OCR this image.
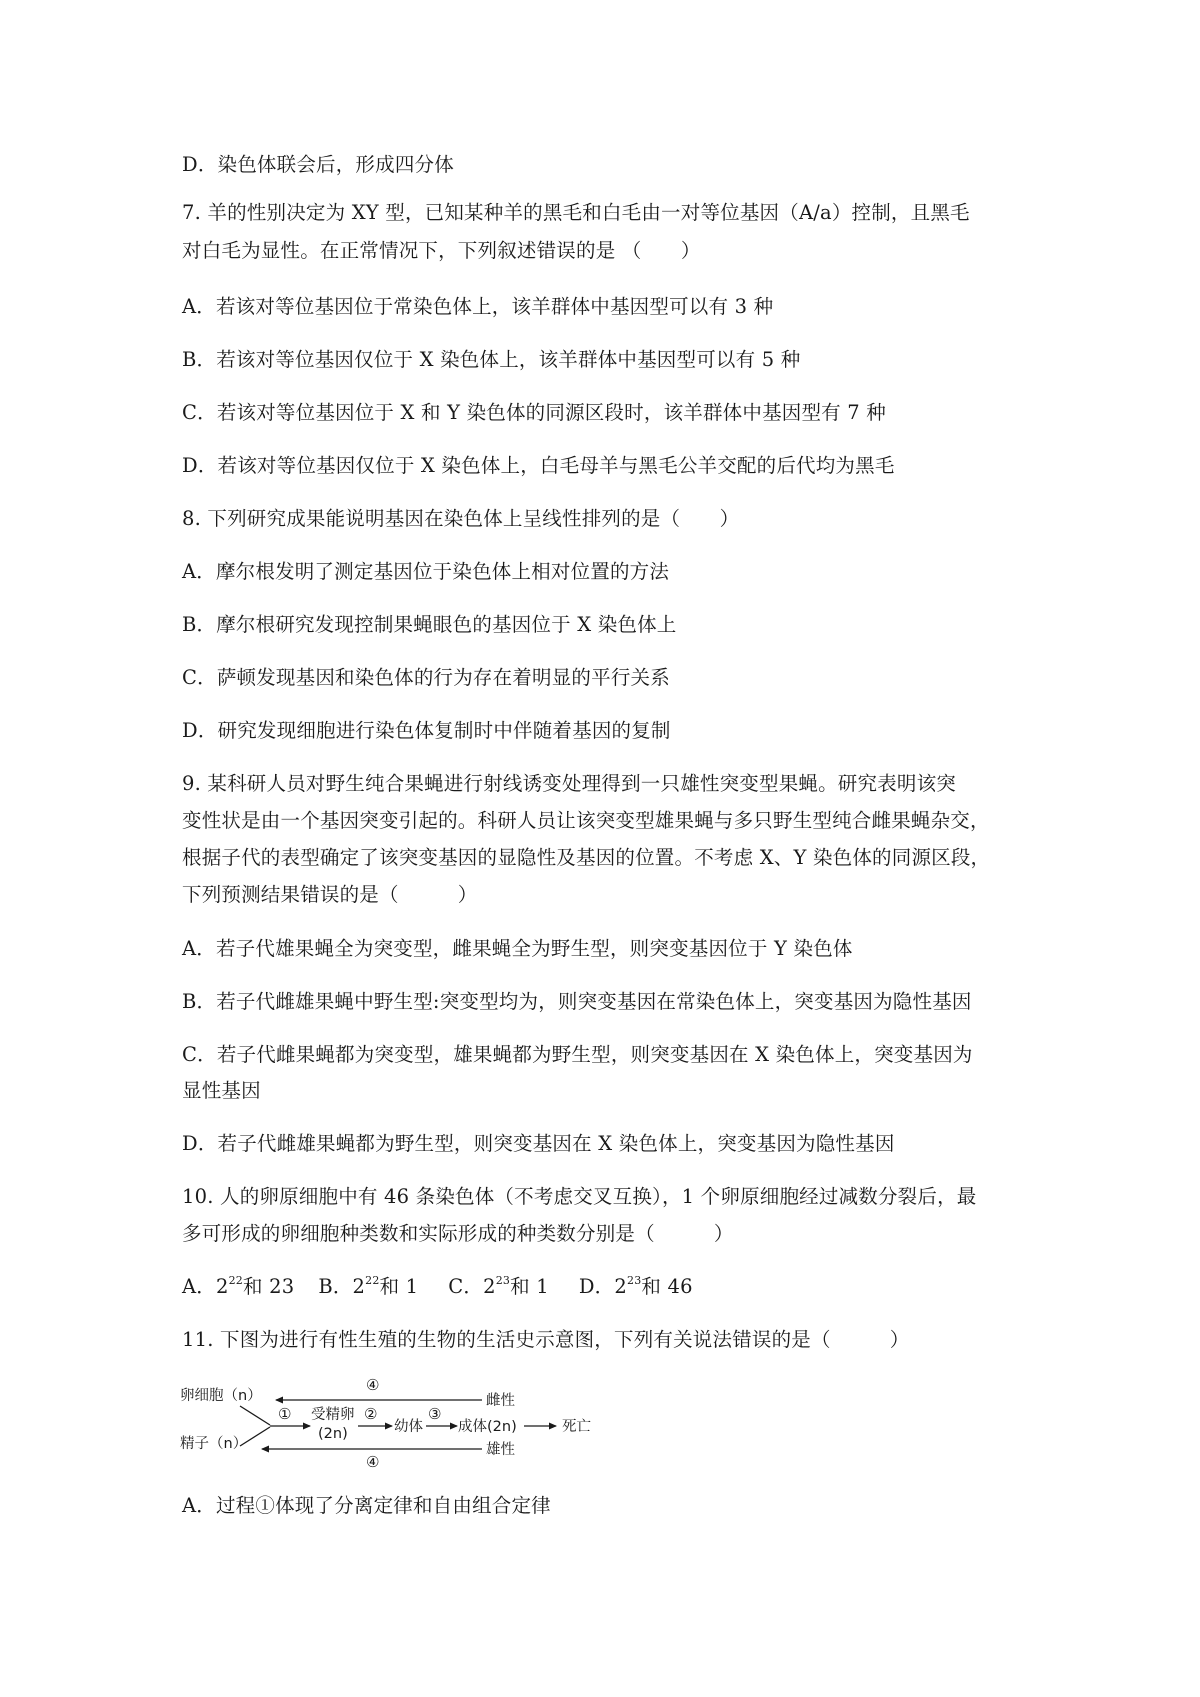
D．染色体联会后，形成四分体
7. 羊的性别决定为 XY 型，已知某种羊的黑毛和白毛由一对等位基因（A/a）控制，且黑毛
对白毛为显性。在正常情况下，下列叙述错误的是 （　　）
A．若该对等位基因位于常染色体上，该羊群体中基因型可以有 3 种
B．若该对等位基因仅位于 X 染色体上，该羊群体中基因型可以有 5 种
C．若该对等位基因位于 X 和 Y 染色体的同源区段时，该羊群体中基因型有 7 种
D．若该对等位基因仅位于 X 染色体上，白毛母羊与黑毛公羊交配的后代均为黑毛
8. 下列研究成果能说明基因在染色体上呈线性排列的是（　　）
A．摩尔根发明了测定基因位于染色体上相对位置的方法
B．摩尔根研究发现控制果蝇眼色的基因位于 X 染色体上
C．萨顿发现基因和染色体的行为存在着明显的平行关系
D．研究发现细胞进行染色体复制时中伴随着基因的复制
9. 某科研人员对野生纯合果蝇进行射线诱变处理得到一只雄性突变型果蝇。研究表明该突
变性状是由一个基因突变引起的。科研人员让该突变型雄果蝇与多只野生型纯合雌果蝇杂交，
根据子代的表型确定了该突变基因的显隐性及基因的位置。不考虑 X、Y 染色体的同源区段，
下列预测结果错误的是（　　　）
A．若子代雄果蝇全为突变型，雌果蝇全为野生型，则突变基因位于 Y 染色体
B．若子代雌雄果蝇中野生型:突变型均为，则突变基因在常染色体上，突变基因为隐性基因
C．若子代雌果蝇都为突变型，雄果蝇都为野生型，则突变基因在 X 染色体上，突变基因为
显性基因
D．若子代雌雄果蝇都为野生型，则突变基因在 X 染色体上，突变基因为隐性基因
10. 人的卵原细胞中有 46 条染色体（不考虑交叉互换），1 个卵原细胞经过减数分裂后，最
多可形成的卵细胞种类数和实际形成的种类数分别是（　　　）
A．$2^{22}$和 23 B．$2^{22}$和 1 C．$2^{23}$和 1 D．$2^{23}$和 46
11. 下图为进行有性生殖的生物的生活史示意图，下列有关说法错误的是（　　　）
卵细胞（n）
④
雌性
① 受精卵
(2n)
②
幼体
③
成体(2n)	死亡
精子（n）
④
雄性
A．过程①体现了分离定律和自由组合定律
